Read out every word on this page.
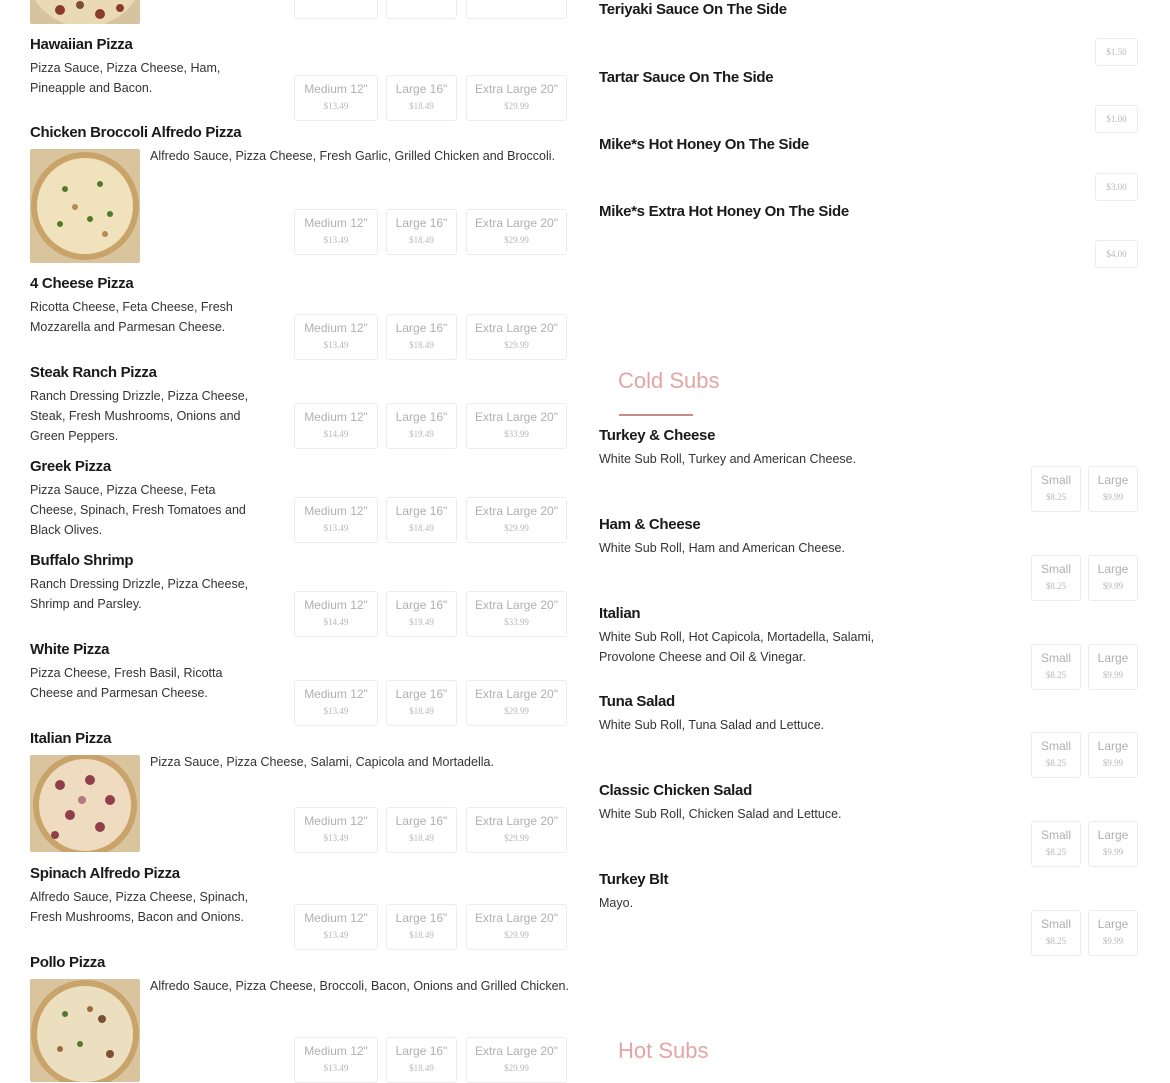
Hawaiian Pizza
Pizza Sauce, Pizza Cheese, Ham, Pineapple and Bacon.	Medium 12"
$13.49
Large 16"
$18.49
Extra Large 20"
$29.99
Chicken Broccoli Alfredo Pizza
Alfredo Sauce, Pizza Cheese, Fresh Garlic, Grilled Chicken and Broccoli.
Medium 12"
$13.49
Large 16"
$18.49
Extra Large 20"
$29.99
4 Cheese Pizza
Ricotta Cheese, Feta Cheese, Fresh Mozzarella and Parmesan Cheese.	Medium 12"
$13.49
Large 16"
$18.49
Extra Large 20"
$29.99
Steak Ranch Pizza
Ranch Dressing Drizzle, Pizza Cheese, Steak, Fresh Mushrooms, Onions and Green Peppers.
Medium 12"
$14.49
Large 16"
$19.49
Extra Large 20"
$33.99
Greek Pizza
Pizza Sauce, Pizza Cheese, Feta Cheese, Spinach, Fresh Tomatoes and Black Olives.
Medium 12"
$13.49
Large 16"
$18.49
Extra Large 20"
$29.99
Buffalo Shrimp
Ranch Dressing Drizzle, Pizza Cheese, Shrimp and Parsley.	Medium 12"
$14.49
Large 16"
$19.49
Extra Large 20"
$33.99
White Pizza
Pizza Cheese, Fresh Basil, Ricotta Cheese and Parmesan Cheese.	Medium 12"
$13.49
Large 16"
$18.49
Extra Large 20"
$29.99
Italian Pizza
Pizza Sauce, Pizza Cheese, Salami, Capicola and Mortadella.
Medium 12"
$13.49
Large 16"
$18.49
Extra Large 20"
$29.99
Spinach Alfredo Pizza
Alfredo Sauce, Pizza Cheese, Spinach, Fresh Mushrooms, Bacon and Onions.	Medium 12"
$13.49
Large 16"
$18.49
Extra Large 20"
$29.99
Pollo Pizza
Alfredo Sauce, Pizza Cheese, Broccoli, Bacon, Onions and Grilled Chicken.
Medium 12"
$13.49
Large 16"
$18.49
Extra Large 20"
$29.99
Teriyaki Sauce On The Side
$1.50
Tartar Sauce On The Side
$1.00
Mike*s Hot Honey On The Side
$3.00
Mike*s Extra Hot Honey On The Side
$4.00
Cold Subs
Turkey & Cheese
White Sub Roll, Turkey and American Cheese.
Small
$8.25
Large
$9.99
Ham & Cheese
White Sub Roll, Ham and American Cheese.
Small
$8.25
Large
$9.99
Italian
White Sub Roll, Hot Capicola, Mortadella, Salami, Provolone Cheese and Oil & Vinegar.	Small
$8.25
Large
$9.99
Tuna Salad
White Sub Roll, Tuna Salad and Lettuce.
Small
$8.25
Large
$9.99
Classic Chicken Salad
White Sub Roll, Chicken Salad and Lettuce.
Small
$8.25
Large
$9.99
Turkey Blt
Mayo.
Small
$8.25
Large
$9.99
Hot Subs
